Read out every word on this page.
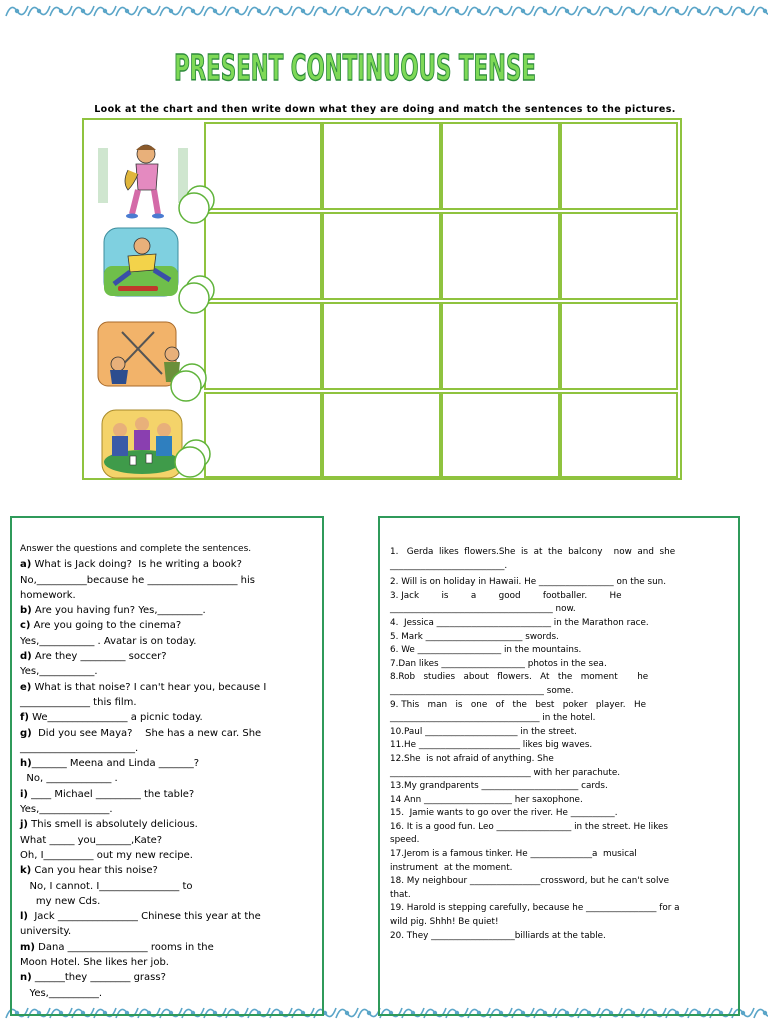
PRESENT CONTINUOUS TENSE
Look at the chart and then write down what they are doing and match the sentences to the pictures.
Answer the questions and complete the sentences.
a) What is Jack doing?  Is he writing a book?
No,__________because he __________________ his
homework.
b) Are you having fun? Yes,_________.
c) Are you going to the cinema?
Yes,___________ . Avatar is on today.
d) Are they _________ soccer?
Yes,___________.
e) What is that noise? I can't hear you, because I
______________ this film.
f) We________________ a picnic today.
g)  Did you see Maya?    She has a new car. She
_______________________.
h)_______ Meena and Linda _______?
No, _____________ .
i) ____ Michael _________ the table?
Yes,______________.
j) This smell is absolutely delicious.
What _____ you_______,Kate?
Oh, I__________ out my new recipe.
k) Can you hear this noise?
No, I cannot. I________________ to
my new Cds.
l)  Jack ________________ Chinese this year at the
university.
m) Dana ________________ rooms in the
Moon Hotel. She likes her job.
n) ______they ________ grass?
Yes,__________.
1.   Gerda  likes  flowers.She  is  at  the  balcony    now  and  she
__________________________.
2. Will is on holiday in Hawaii. He _________________ on the sun.
3. Jack        is        a        good        footballer.        He
_____________________________________ now.
4.  Jessica __________________________ in the Marathon race.
5. Mark ______________________ swords.
6. We ___________________ in the mountains.
7.Dan likes ___________________ photos in the sea.
8.Rob   studies   about   flowers.   At   the   moment       he
___________________________________ some.
9. This   man   is   one   of   the   best   poker   player.   He
__________________________________ in the hotel.
10.Paul _____________________ in the street.
11.He _______________________ likes big waves.
12.She  is not afraid of anything. She
________________________________ with her parachute.
13.My grandparents ______________________ cards.
14 Ann ____________________ her saxophone.
15.  Jamie wants to go over the river. He __________.
16. It is a good fun. Leo _________________ in the street. He likes
speed.
17.Jerom is a famous tinker. He ______________a  musical
instrument  at the moment.
18. My neighbour ________________crossword, but he can't solve
that.
19. Harold is stepping carefully, because he ________________ for a
wild pig. Shhh! Be quiet!
20. They ___________________billiards at the table.
